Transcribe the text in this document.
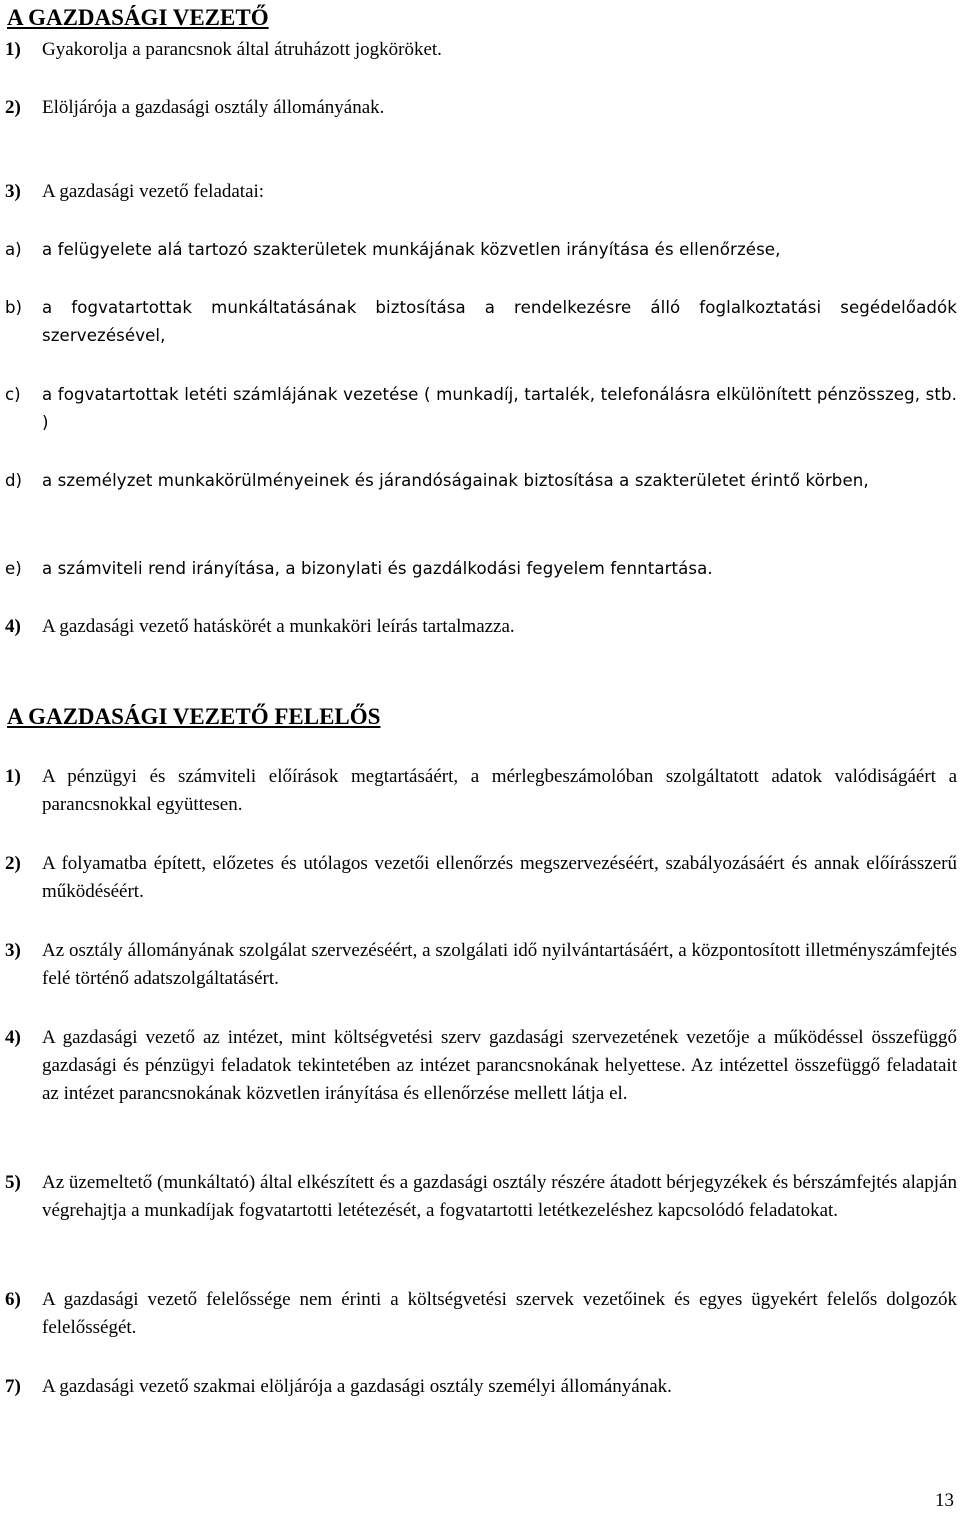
A GAZDASÁGI VEZETŐ
1) Gyakorolja a parancsnok által átruházott jogköröket.
2) Elöljárója a gazdasági osztály állományának.
3) A gazdasági vezető feladatai:
a) a felügyelete alá tartozó szakterületek munkájának közvetlen irányítása és ellenőrzése,
b) a fogvatartottak munkáltatásának biztosítása a rendelkezésre álló foglalkoztatási segédelőadók szervezésével,
c) a fogvatartottak letéti számlájának vezetése ( munkadíj, tartalék, telefonálásra elkülönített pénzösszeg, stb. )
d) a személyzet munkakörülményeinek és járandóságainak biztosítása a szakterületet érintő körben,
e) a számviteli rend irányítása, a bizonylati és gazdálkodási fegyelem fenntartása.
4) A gazdasági vezető hatáskörét a munkaköri leírás tartalmazza.
A GAZDASÁGI VEZETŐ FELELŐS
1) A pénzügyi és számviteli előírások megtartásáért, a mérlegbeszámolóban szolgáltatott adatok valódiságáért a parancsnokkal együttesen.
2) A folyamatba épített, előzetes és utólagos vezetői ellenőrzés megszervezéséért, szabályozásáért és annak előírásszerű működéséért.
3) Az osztály állományának szolgálat szervezéséért, a szolgálati idő nyilvántartásáért, a központosított illetményszámfejtés felé történő adatszolgáltatásért.
4) A gazdasági vezető az intézet, mint költségvetési szerv gazdasági szervezetének vezetője a működéssel összefüggő gazdasági és pénzügyi feladatok tekintetében az intézet parancsnokának helyettese. Az intézettel összefüggő feladatait az intézet parancsnokának közvetlen irányítása és ellenőrzése mellett látja el.
5) Az üzemeltető (munkáltató) által elkészített és a gazdasági osztály részére átadott bérjegyzékek és bérszámfejtés alapján végrehajtja a munkadíjak fogvatartotti letétezését, a fogvatartotti letétkezeléshez kapcsolódó feladatokat.
6) A gazdasági vezető felelőssége nem érinti a költségvetési szervek vezetőinek és egyes ügyekért felelős dolgozók felelősségét.
7) A gazdasági vezető szakmai elöljárója a gazdasági osztály személyi állományának.
13
